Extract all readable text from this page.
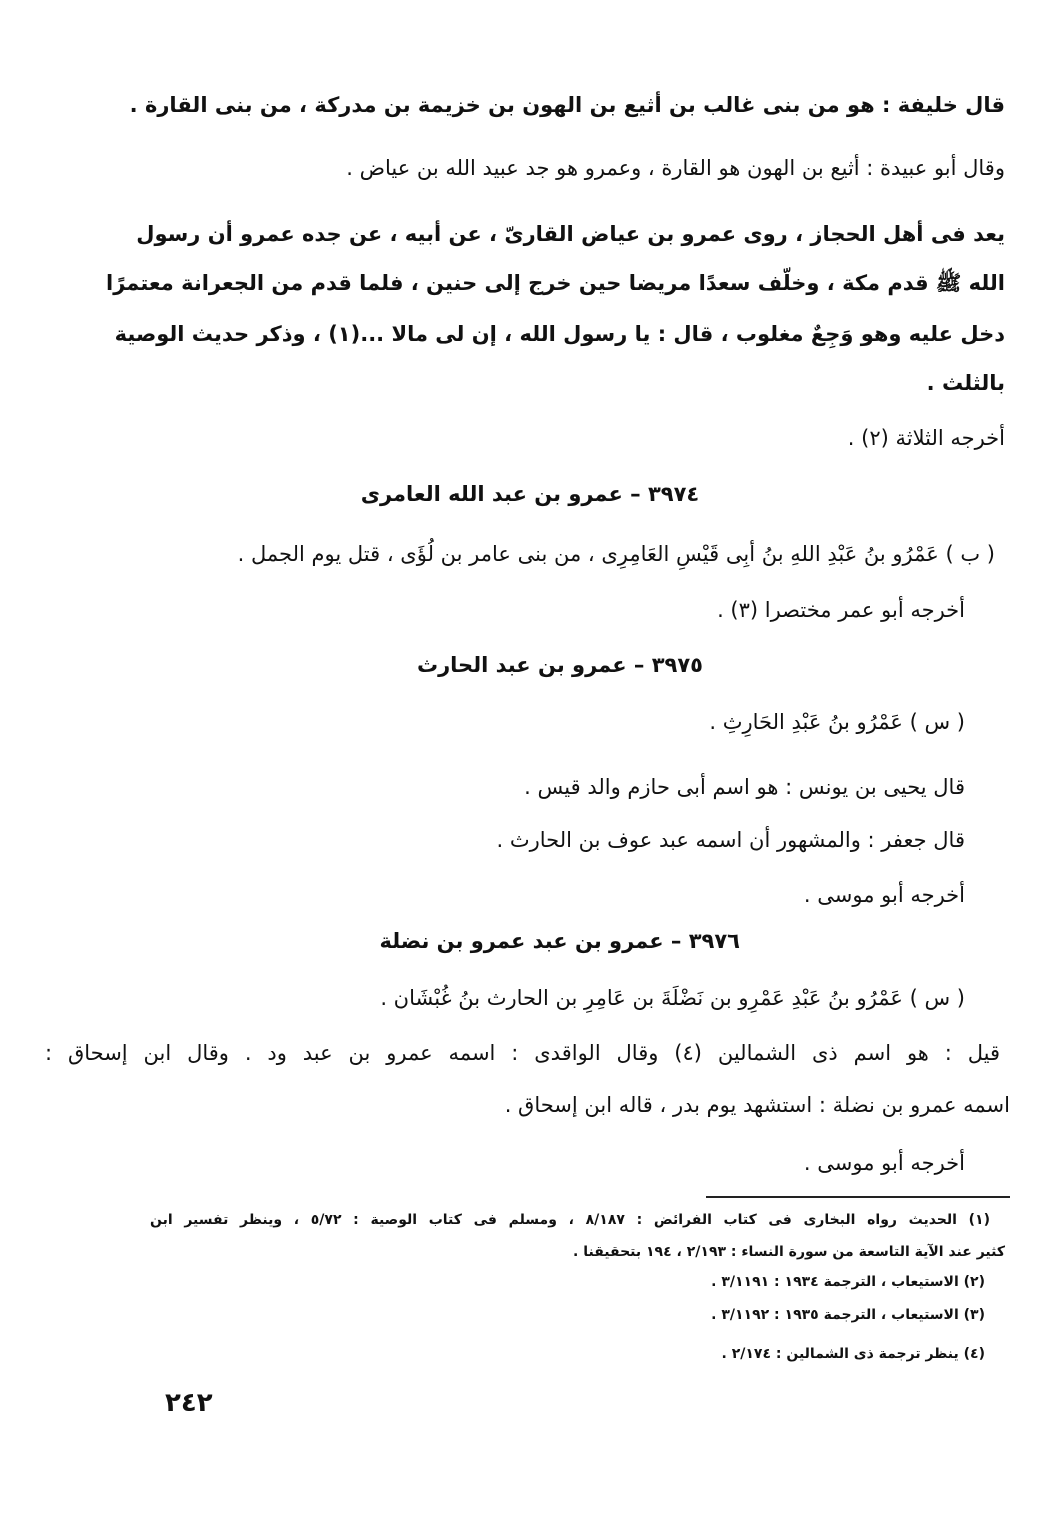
قال خليفة : هو من بنى غالب بن أثيع بن الهون بن خزيمة بن مدركة ، من بنى القارة .
وقال أبو عبيدة : أثيع بن الهون هو القارة ، وعمرو هو جد عبيد الله بن عياض .
يعد فى أهل الحجاز ، روى عمرو بن عياض القارىّ ، عن أبيه ، عن جده عمرو أن رسول
الله ﷺ قدم مكة ، وخلّف سعدًا مريضا حين خرج إلى حنين ، فلما قدم من الجعرانة معتمرًا
دخل عليه وهو وَجِعٌ مغلوب ، قال : يا رسول الله ، إن لى مالا ...(١) ، وذكر حديث الوصية
بالثلث .
أخرجه الثلاثة (٢) .
٣٩٧٤ – عمرو بن عبد الله العامرى
( ب ) عَمْرُو بنُ عَبْدِ اللهِ بنُ أبِى قَيْسِ العَامِرِى ، من بنى عامر بن لُؤَى ، قتل يوم الجمل .
أخرجه أبو عمر مختصرا (٣) .
٣٩٧٥ – عمرو بن عبد الحارث
( س ) عَمْرُو بنُ عَبْدِ الحَارِثِ .
قال يحيى بن يونس : هو اسم أبى حازم والد قيس .
قال جعفر : والمشهور أن اسمه عبد عوف بن الحارث .
أخرجه أبو موسى .
٣٩٧٦ – عمرو بن عبد عمرو بن نضلة
( س ) عَمْرُو بنُ عَبْدِ عَمْرِو بن نَضْلَةَ بن عَامِرِ بن الحارث بنُ غُبْشَان .
قيل : هو اسم ذى الشمالين (٤) وقال الواقدى : اسمه عمرو بن عبد ود . وقال ابن إسحاق :
اسمه عمرو بن نضلة : استشهد يوم بدر ، قاله ابن إسحاق .
أخرجه أبو موسى .
(١) الحديث رواه البخارى فى كتاب الفرائض : ٨/١٨٧ ، ومسلم فى كتاب الوصية : ٥/٧٢ ، وينظر تفسير ابن
كثير عند الآية التاسعة من سورة النساء : ٢/١٩٣ ، ١٩٤ بتحقيقنا .
(٢) الاستيعاب ، الترجمة ١٩٣٤ : ٣/١١٩١ .
(٣) الاستيعاب ، الترجمة ١٩٣٥ : ٣/١١٩٢ .
(٤) ينظر ترجمة ذى الشمالين : ٢/١٧٤ .
٢٤٢
